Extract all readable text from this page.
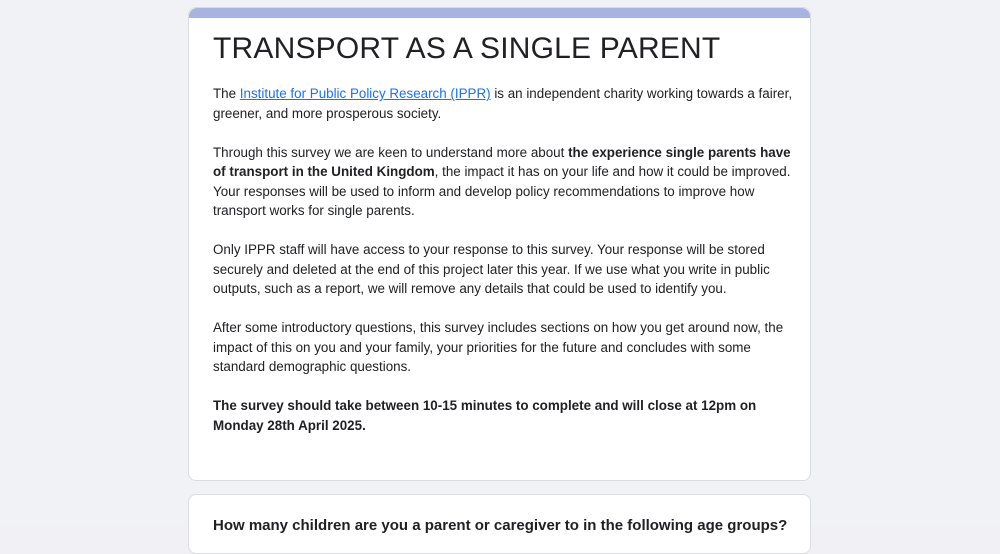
TRANSPORT AS A SINGLE PARENT

The Institute for Public Policy Research (IPPR) is an independent charity working towards a fairer, greener, and more prosperous society.

Through this survey we are keen to understand more about the experience single parents have of transport in the United Kingdom, the impact it has on your life and how it could be improved. Your responses will be used to inform and develop policy recommendations to improve how transport works for single parents.

Only IPPR staff will have access to your response to this survey. Your response will be stored securely and deleted at the end of this project later this year. If we use what you write in public outputs, such as a report, we will remove any details that could be used to identify you.

After some introductory questions, this survey includes sections on how you get around now, the impact of this on you and your family, your priorities for the future and concludes with some standard demographic questions.

The survey should take between 10-15 minutes to complete and will close at 12pm on Monday 28th April 2025.

How many children are you a parent or caregiver to in the following age groups?
